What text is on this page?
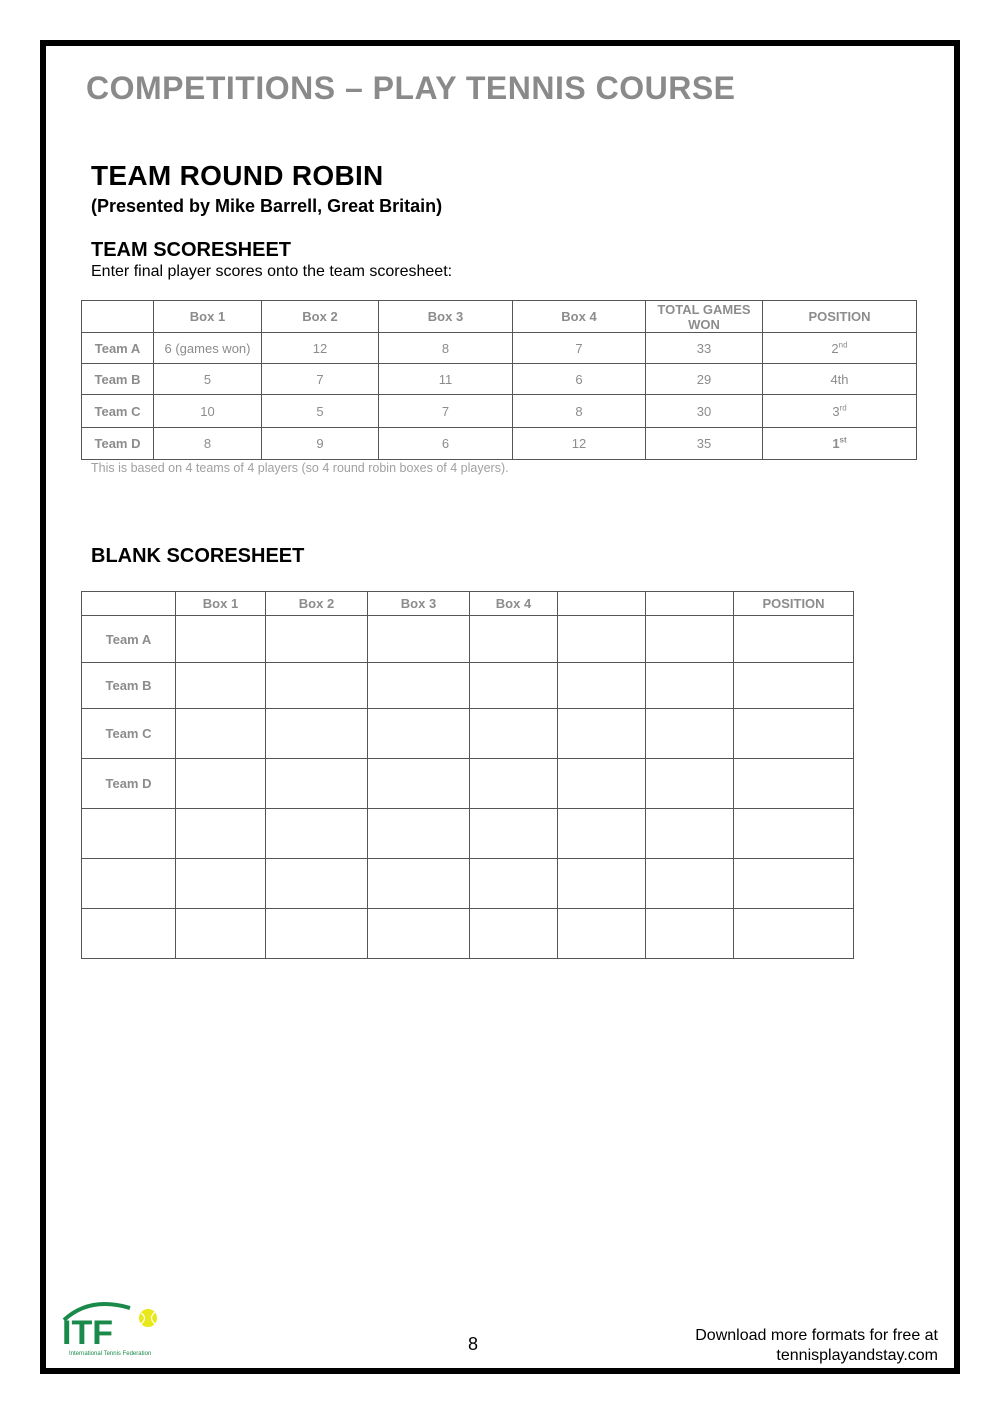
COMPETITIONS – PLAY TENNIS COURSE
TEAM ROUND ROBIN
(Presented by Mike Barrell, Great Britain)
TEAM SCORESHEET
Enter final player scores onto the team scoresheet:
	Box 1	Box 2	Box 3	Box 4	TOTAL GAMES WON	POSITION
Team A	6 (games won)	12	8	7	33	2nd
Team B	5	7	11	6	29	4th
Team C	10	5	7	8	30	3rd
Team D	8	9	6	12	35	1st
This is based on 4 teams of 4 players (so 4 round robin boxes of 4 players).
BLANK SCORESHEET
	Box 1	Box 2	Box 3	Box 4			POSITION
Team A							
Team B							
Team C							
Team D							

ITF
International Tennis Federation	8	Download more formats for free at
tennisplayandstay.com
